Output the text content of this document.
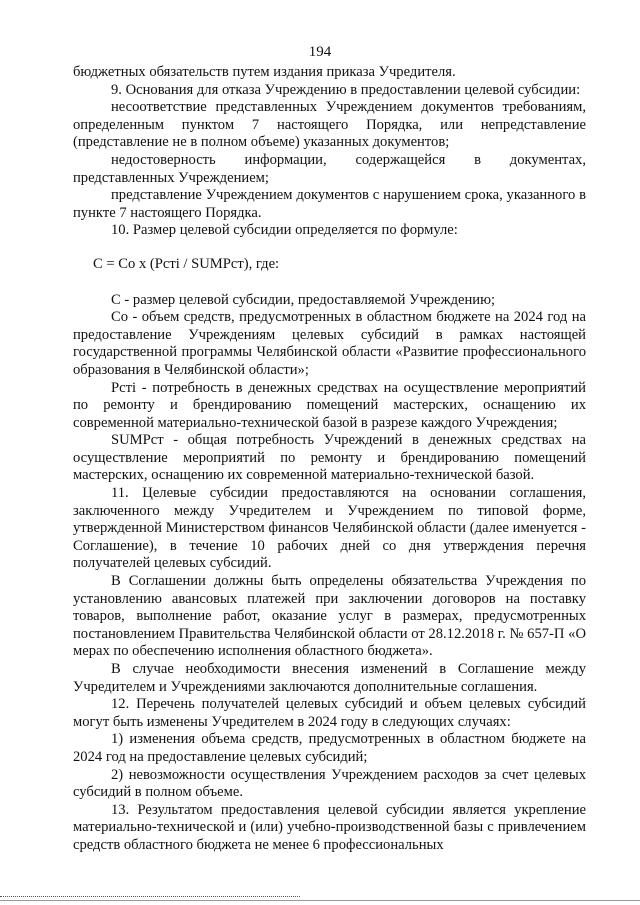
194

бюджетных обязательств путем издания приказа Учредителя.

9. Основания для отказа Учреждению в предоставлении целевой субсидии:

несоответствие представленных Учреждением документов требованиям, определенным пунктом 7 настоящего Порядка, или непредставление (представление не в полном объеме) указанных документов;

недостоверность информации, содержащейся в документах, представленных Учреждением;

представление Учреждением документов с нарушением срока, указанного в пункте 7 настоящего Порядка.

10. Размер целевой субсидии определяется по формуле:

С = Со x (Рсті / SUMРст), где:

С - размер целевой субсидии, предоставляемой Учреждению;

Со - объем средств, предусмотренных в областном бюджете на 2024 год на предоставление Учреждениям целевых субсидий в рамках настоящей государственной программы Челябинской области «Развитие профессионального образования в Челябинской области»;

Рсті - потребность в денежных средствах на осуществление мероприятий по ремонту и брендированию помещений мастерских, оснащению их современной материально-технической базой в разрезе каждого Учреждения;

SUMРст - общая потребность Учреждений в денежных средствах на осуществление мероприятий по ремонту и брендированию помещений мастерских, оснащению их современной материально-технической базой.

11. Целевые субсидии предоставляются на основании соглашения, заключенного между Учредителем и Учреждением по типовой форме, утвержденной Министерством финансов Челябинской области (далее именуется - Соглашение), в течение 10 рабочих дней со дня утверждения перечня получателей целевых субсидий.

В Соглашении должны быть определены обязательства Учреждения по установлению авансовых платежей при заключении договоров на поставку товаров, выполнение работ, оказание услуг в размерах, предусмотренных постановлением Правительства Челябинской области от 28.12.2018 г. № 657-П «О мерах по обеспечению исполнения областного бюджета».

В случае необходимости внесения изменений в Соглашение между Учредителем и Учреждениями заключаются дополнительные соглашения.

12. Перечень получателей целевых субсидий и объем целевых субсидий могут быть изменены Учредителем в 2024 году в следующих случаях:

1) изменения объема средств, предусмотренных в областном бюджете на 2024 год на предоставление целевых субсидий;

2) невозможности осуществления Учреждением расходов за счет целевых субсидий в полном объеме.

13. Результатом предоставления целевой субсидии является укрепление материально-технической и (или) учебно-производственной базы с привлечением средств областного бюджета не менее 6 профессиональных
